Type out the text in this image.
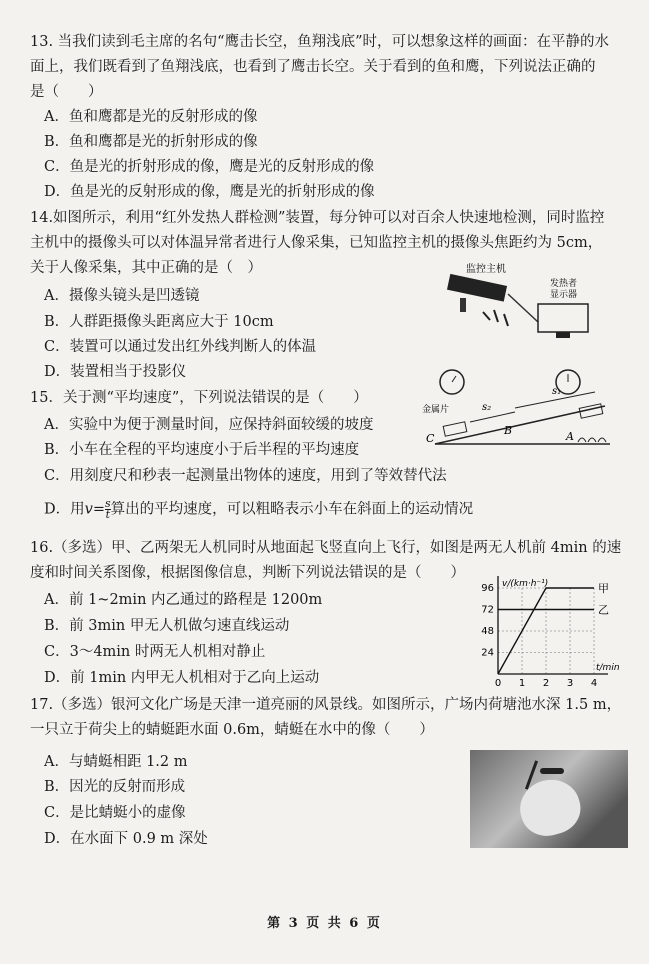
13. 当我们读到毛主席的名句“鹰击长空，鱼翔浅底”时，可以想象这样的画面：在平静的水
面上，我们既看到了鱼翔浅底，也看到了鹰击长空。关于看到的鱼和鹰，下列说法正确的
是（　　）
A．鱼和鹰都是光的反射形成的像
B．鱼和鹰都是光的折射形成的像
C．鱼是光的折射形成的像，鹰是光的反射形成的像
D．鱼是光的反射形成的像，鹰是光的折射形成的像
14.如图所示，利用“红外发热人群检测”装置，每分钟可以对百余人快速地检测，同时监控
主机中的摄像头可以对体温异常者进行人像采集，已知监控主机的摄像头焦距约为 5cm，
关于人像采集，其中正确的是（　）
A．摄像头镜头是凹透镜
B．人群距摄像头距离应大于 10cm
C．装置可以通过发出红外线判断人的体温
D．装置相当于投影仪
监控主机
发热者
显示器
15．关于测“平均速度”，下列说法错误的是（　　）
A．实验中为便于测量时间，应保持斜面较缓的坡度
B．小车在全程的平均速度小于后半程的平均速度
C．用刻度尺和秒表一起测量出物体的速度，用到了等效替代法
D．用$v= \frac{s}{t}$ 算出的平均速度，可以粗略表示小车在斜面上的运动情况
金属片	s₂
s₁
C
B	A
16.（多选）甲、乙两架无人机同时从地面起飞竖直向上飞行，如图是两无人机前 4min 的速
度和时间关系图像，根据图像信息，判断下列说法错误的是（　　）
A．前 1~2min 内乙通过的路程是 1200m
B．前 3min 甲无人机做匀速直线运动
C．3～4min 时两无人机相对静止
D．前 1min 内甲无人机相对于乙向上运动	0 1 2 3 4
24
48
72
96 v/(km·h⁻¹)
t/min
甲
乙
17.（多选）银河文化广场是天津一道亮丽的风景线。如图所示，广场内荷塘池水深 1.5 m，
一只立于荷尖上的蜻蜓距水面 0.6m，蜻蜓在水中的像（　　）
A．与蜻蜓相距 1.2 m
B．因光的反射而形成
C．是比蜻蜓小的虚像
D．在水面下 0.9 m 深处
第 3 页 共 6 页
